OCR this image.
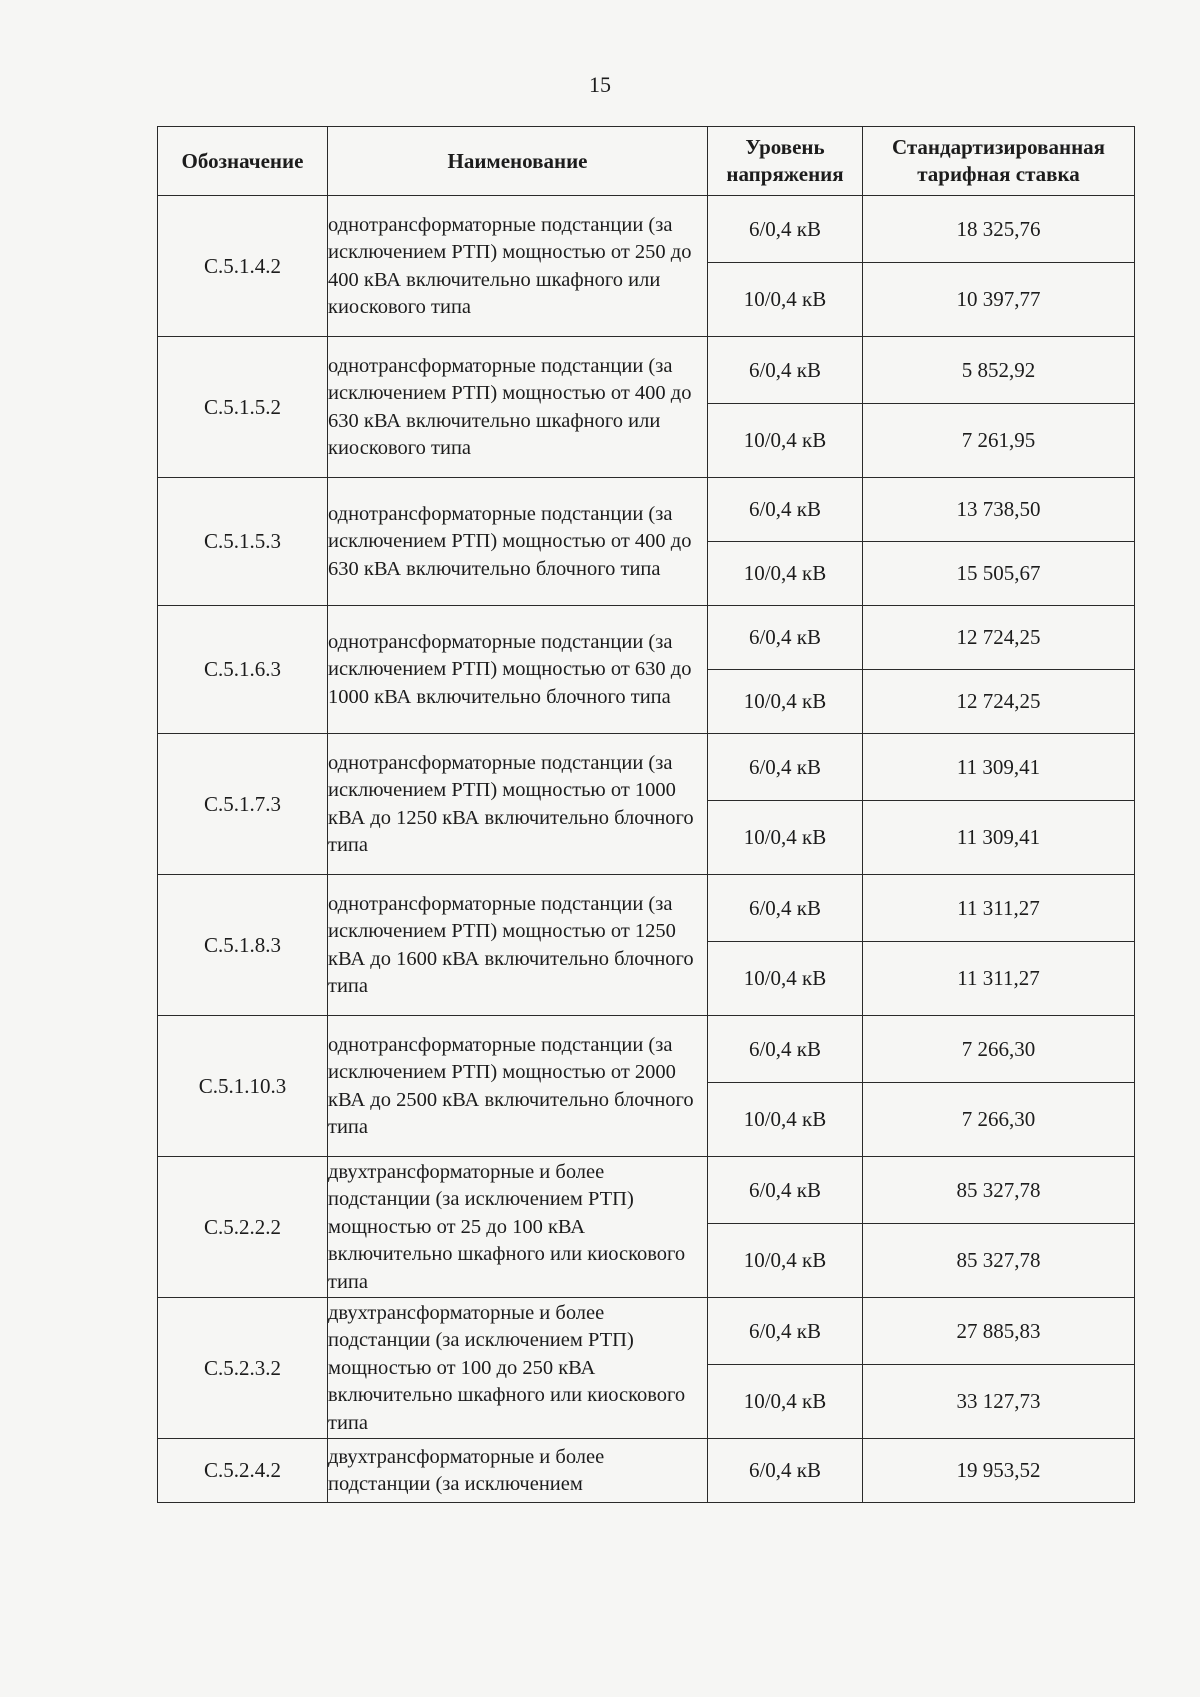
15
Обозначение	Наименование	Уровень напряжения	Стандартизированная тарифная ставка
С.5.1.4.2	однотрансформаторные подстанции (за исключением РТП) мощностью от 250 до 400 кВА включительно шкафного или киоскового типа	6/0,4 кВ	18 325,76
		10/0,4 кВ	10 397,77
С.5.1.5.2	однотрансформаторные подстанции (за исключением РТП) мощностью от 400 до 630 кВА включительно шкафного или киоскового типа	6/0,4 кВ	5 852,92
		10/0,4 кВ	7 261,95
С.5.1.5.3	однотрансформаторные подстанции (за исключением РТП) мощностью от 400 до 630 кВА включительно блочного типа	6/0,4 кВ	13 738,50
		10/0,4 кВ	15 505,67
С.5.1.6.3	однотрансформаторные подстанции (за исключением РТП) мощностью от 630 до 1000 кВА включительно блочного типа	6/0,4 кВ	12 724,25
		10/0,4 кВ	12 724,25
С.5.1.7.3	однотрансформаторные подстанции (за исключением РТП) мощностью от 1000 кВА до 1250 кВА включительно блочного типа	6/0,4 кВ	11 309,41
		10/0,4 кВ	11 309,41
С.5.1.8.3	однотрансформаторные подстанции (за исключением РТП) мощностью от 1250 кВА до 1600 кВА включительно блочного типа	6/0,4 кВ	11 311,27
		10/0,4 кВ	11 311,27
С.5.1.10.3	однотрансформаторные подстанции (за исключением РТП) мощностью от 2000 кВА до 2500 кВА включительно блочного типа	6/0,4 кВ	7 266,30
		10/0,4 кВ	7 266,30
С.5.2.2.2	двухтрансформаторные и более подстанции (за исключением РТП) мощностью от 25 до 100 кВА включительно шкафного или киоскового типа	6/0,4 кВ	85 327,78
		10/0,4 кВ	85 327,78
С.5.2.3.2	двухтрансформаторные и более подстанции (за исключением РТП) мощностью от 100 до 250 кВА включительно шкафного или киоскового типа	6/0,4 кВ	27 885,83
		10/0,4 кВ	33 127,73
С.5.2.4.2	двухтрансформаторные и более подстанции (за исключением	6/0,4 кВ	19 953,52
